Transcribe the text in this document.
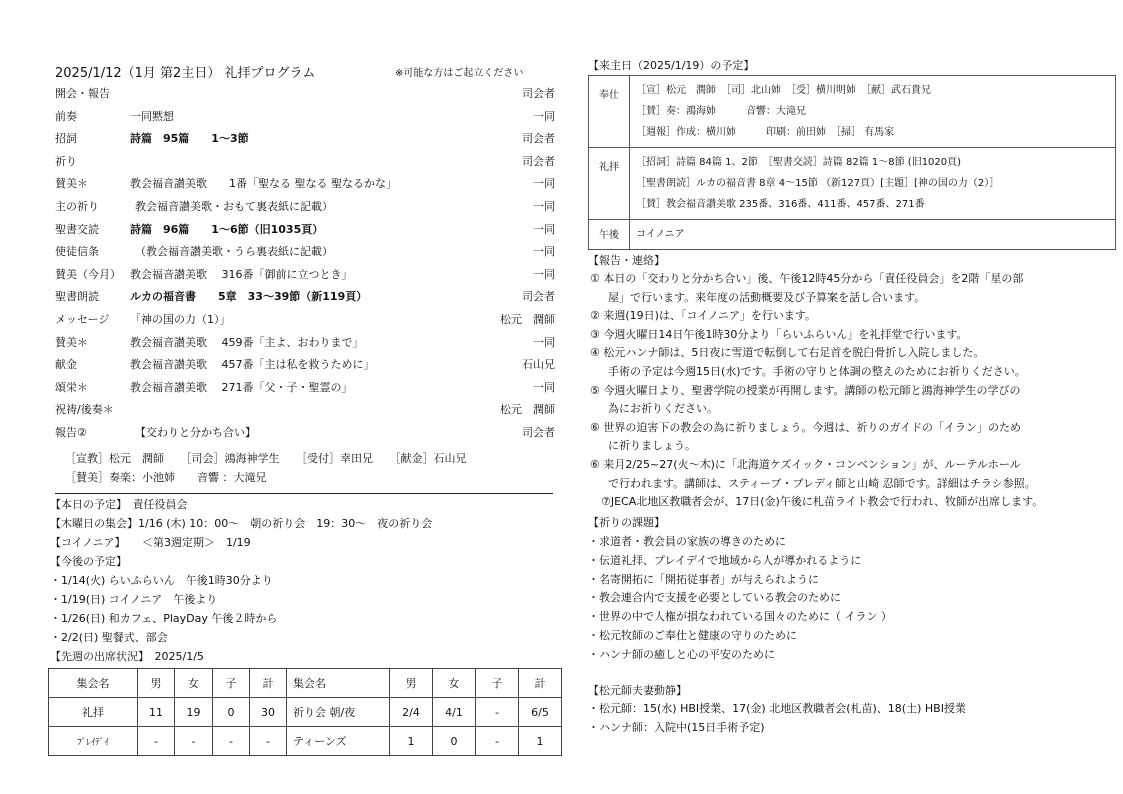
2025/1/12（1月 第2主日） 礼拝プログラム	※可能な方はご起立ください
開会・報告	司会者
前奏	一同黙想	一同
招詞	詩篇　95篇　　1～3節	司会者
祈り	司会者
賛美＊	教会福音讃美歌　　1番「聖なる 聖なる 聖なるかな」	一同
主の祈り	教会福音讃美歌・おもて裏表紙に記載）	一同
聖書交読	詩篇　96篇　　1～6節（旧1035頁）	一同
使徒信条	（教会福音讃美歌・うら裏表紙に記載）	一同
賛美（今月） 教会福音讃美歌　 316番「御前に立つとき」	一同
聖書朗読	ルカの福音書　　5章　33～39節（新119頁）	司会者
メッセージ 「神の国の力（1）」	松元　潤師
賛美＊	教会福音讃美歌　 459番「主よ、おわりまで」	一同
献金	教会福音讃美歌　 457番「主は私を救うために」	石山兄
頌栄＊	教会福音讃美歌　 271番「父・子・聖霊の」	一同
祝祷/後奏＊	松元　潤師
報告②	【交わりと分かち合い】	司会者
［宣教］松元　潤師　　［司会］鴻海神学生　　［受付］幸田兄　　［献金］石山兄
［賛美］奏楽：小池姉　　音響 ：大滝兄
【本日の予定】　責任役員会
【木曜日の集会】1/16 (木) 10：00～　朝の祈り会　19：30～　夜の祈り会
【コイノニア】　　＜第3週定期＞　1/19
【今後の予定】
・1/14(火) らいふらいん　午後1時30分より
・1/19(日) コイノニア　午後より
・1/26(日) 和カフェ、PlayDay 午後２時から
・2/2(日) 聖餐式、部会
【先週の出席状況】　2025/1/5
集会名	男	女	子	計	集会名	男	女	子	計
礼拝	11	19	0	30	祈り会 朝/夜	2/4	4/1	-	6/5
ﾌﾟﾚｲﾃﾞｲ	-	-	-	-	ティーンズ	1	0	-	1
【来主日（2025/1/19）の予定】
奉仕	［宣］松元　潤師　［司］北山姉　［受］横川明姉　［献］武石貴兄
［賛］奏：鴻海姉　　　音響：大滝兄
［週報］作成：横川姉　　　印刷：前田姉　［掃］ 有馬家

礼拝	［招詞］詩篇 84篇 1、2節　［聖書交読］詩篇 82篇 1～8節 (旧1020頁)
［聖書朗読］ルカの福音書 8章 4～15節 （新127頁）[主題］[神の国の力（2）］
［賛］教会福音讃美歌 235番、316番、411番、457番、271番

午後	コイノニア
【報告・連絡】
① 本日の「交わりと分かち合い」後、午後12時45分から「責任役員会」を2階「星の部
屋」で行います。来年度の活動概要及び予算案を話し合います。
② 来週(19日)は、「コイノニア」を行います。
③ 今週火曜日14日午後1時30分より「らいふらいん」を礼拝堂で行います。
④ 松元ハンナ師は、5日夜に雪道で転倒して右足首を脱臼骨折し入院しました。
手術の予定は今週15日(水)です。手術の守りと体調の整えのためにお祈りください。
⑤ 今週火曜日より、聖書学院の授業が再開します。講師の松元師と鴻海神学生の学びの
為にお祈りください。
⑥ 世界の迫害下の教会の為に祈りましょう。今週は、祈りのガイドの「イラン」のため
に祈りましょう。
⑥ 来月2/25~27(火～木)に「北海道ケズイック・コンベンション」が、ルーテルホール
で行われます。講師は、スティーブ・ブレディ師と山崎 忍師です。詳細はチラシ参照。
　⑦JECA北地区教職者会が、17日(金)午後に札苗ライト教会で行われ、牧師が出席します。
【祈りの課題】
・求道者・教会員の家族の導きのために
・伝道礼拝、プレイデイで地域から人が導かれるように
・名寄開拓に「開拓従事者」が与えられように
・教会連合内で支援を必要としている教会のために
・世界の中で人権が損なわれている国々のために（ イラン ）
・松元牧師のご奉仕と健康の守りのために
・ハンナ師の癒しと心の平安のために
【松元師夫妻動静】
・松元師：15(水) HBI授業、17(金) 北地区教職者会(札苗)、18(土) HBI授業
・ハンナ師：入院中(15日手術予定)
